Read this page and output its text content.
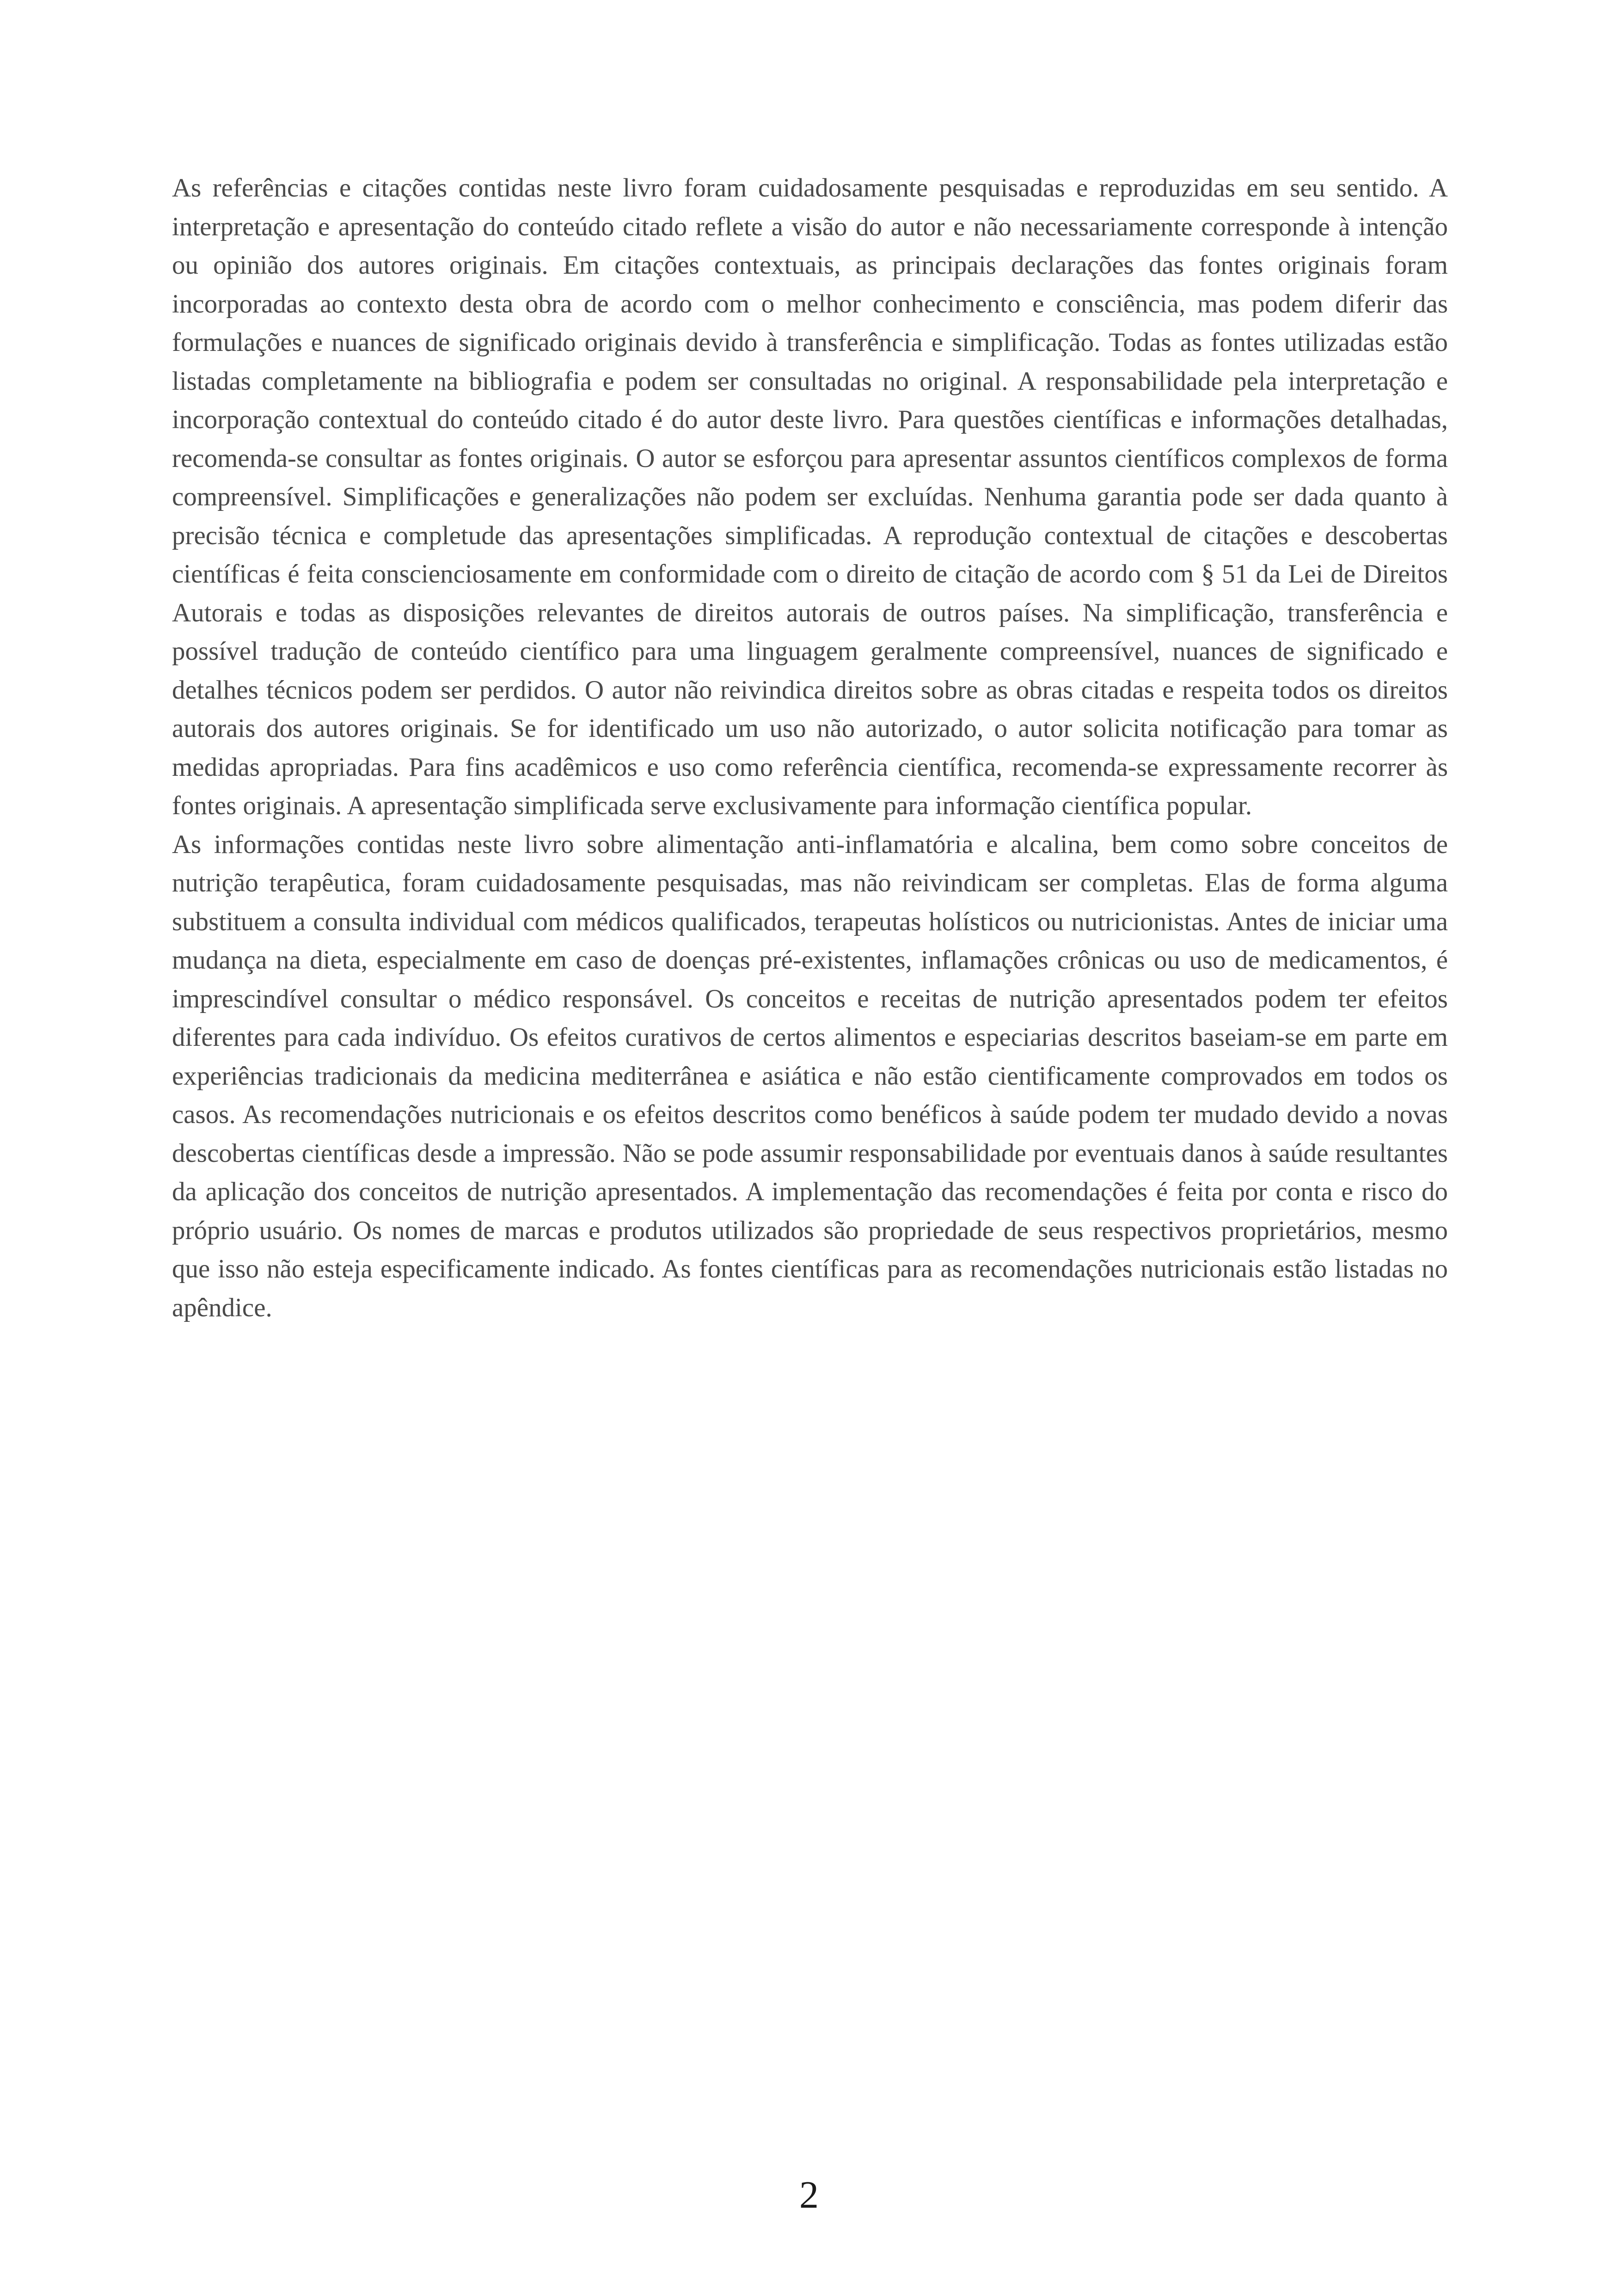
As referências e citações contidas neste livro foram cuidadosamente pesquisadas e reproduzidas em seu sentido. A interpretação e apresentação do conteúdo citado reflete a visão do autor e não necessariamente corresponde à intenção ou opinião dos autores originais. Em citações contextuais, as principais declarações das fontes originais foram incorporadas ao contexto desta obra de acordo com o melhor conhecimento e consciência, mas podem diferir das formulações e nuances de significado originais devido à transferência e simplificação. Todas as fontes utilizadas estão listadas completamente na bibliografia e podem ser consultadas no original. A responsabilidade pela interpretação e incorporação contextual do conteúdo citado é do autor deste livro. Para questões científicas e informações detalhadas, recomenda-se consultar as fontes originais. O autor se esforçou para apresentar assuntos científicos complexos de forma compreensível. Simplificações e generalizações não podem ser excluídas. Nenhuma garantia pode ser dada quanto à precisão técnica e completude das apresentações simplificadas. A reprodução contextual de citações e descobertas científicas é feita conscienciosamente em conformidade com o direito de citação de acordo com § 51 da Lei de Direitos Autorais e todas as disposições relevantes de direitos autorais de outros países. Na simplificação, transferência e possível tradução de conteúdo científico para uma linguagem geralmente compreensível, nuances de significado e detalhes técnicos podem ser perdidos. O autor não reivindica direitos sobre as obras citadas e respeita todos os direitos autorais dos autores originais. Se for identificado um uso não autorizado, o autor solicita notificação para tomar as medidas apropriadas. Para fins acadêmicos e uso como referência científica, recomenda-se expressamente recorrer às fontes originais. A apresentação simplificada serve exclusivamente para informação científica popular.

As informações contidas neste livro sobre alimentação anti-inflamatória e alcalina, bem como sobre conceitos de nutrição terapêutica, foram cuidadosamente pesquisadas, mas não reivindicam ser completas. Elas de forma alguma substituem a consulta individual com médicos qualificados, terapeutas holísticos ou nutricionistas. Antes de iniciar uma mudança na dieta, especialmente em caso de doenças pré-existentes, inflamações crônicas ou uso de medicamentos, é imprescindível consultar o médico responsável. Os conceitos e receitas de nutrição apresentados podem ter efeitos diferentes para cada indivíduo. Os efeitos curativos de certos alimentos e especiarias descritos baseiam-se em parte em experiências tradicionais da medicina mediterrânea e asiática e não estão cientificamente comprovados em todos os casos. As recomendações nutricionais e os efeitos descritos como benéficos à saúde podem ter mudado devido a novas descobertas científicas desde a impressão. Não se pode assumir responsabilidade por eventuais danos à saúde resultantes da aplicação dos conceitos de nutrição apresentados. A implementação das recomendações é feita por conta e risco do próprio usuário. Os nomes de marcas e produtos utilizados são propriedade de seus respectivos proprietários, mesmo que isso não esteja especificamente indicado. As fontes científicas para as recomendações nutricionais estão listadas no apêndice.

2
